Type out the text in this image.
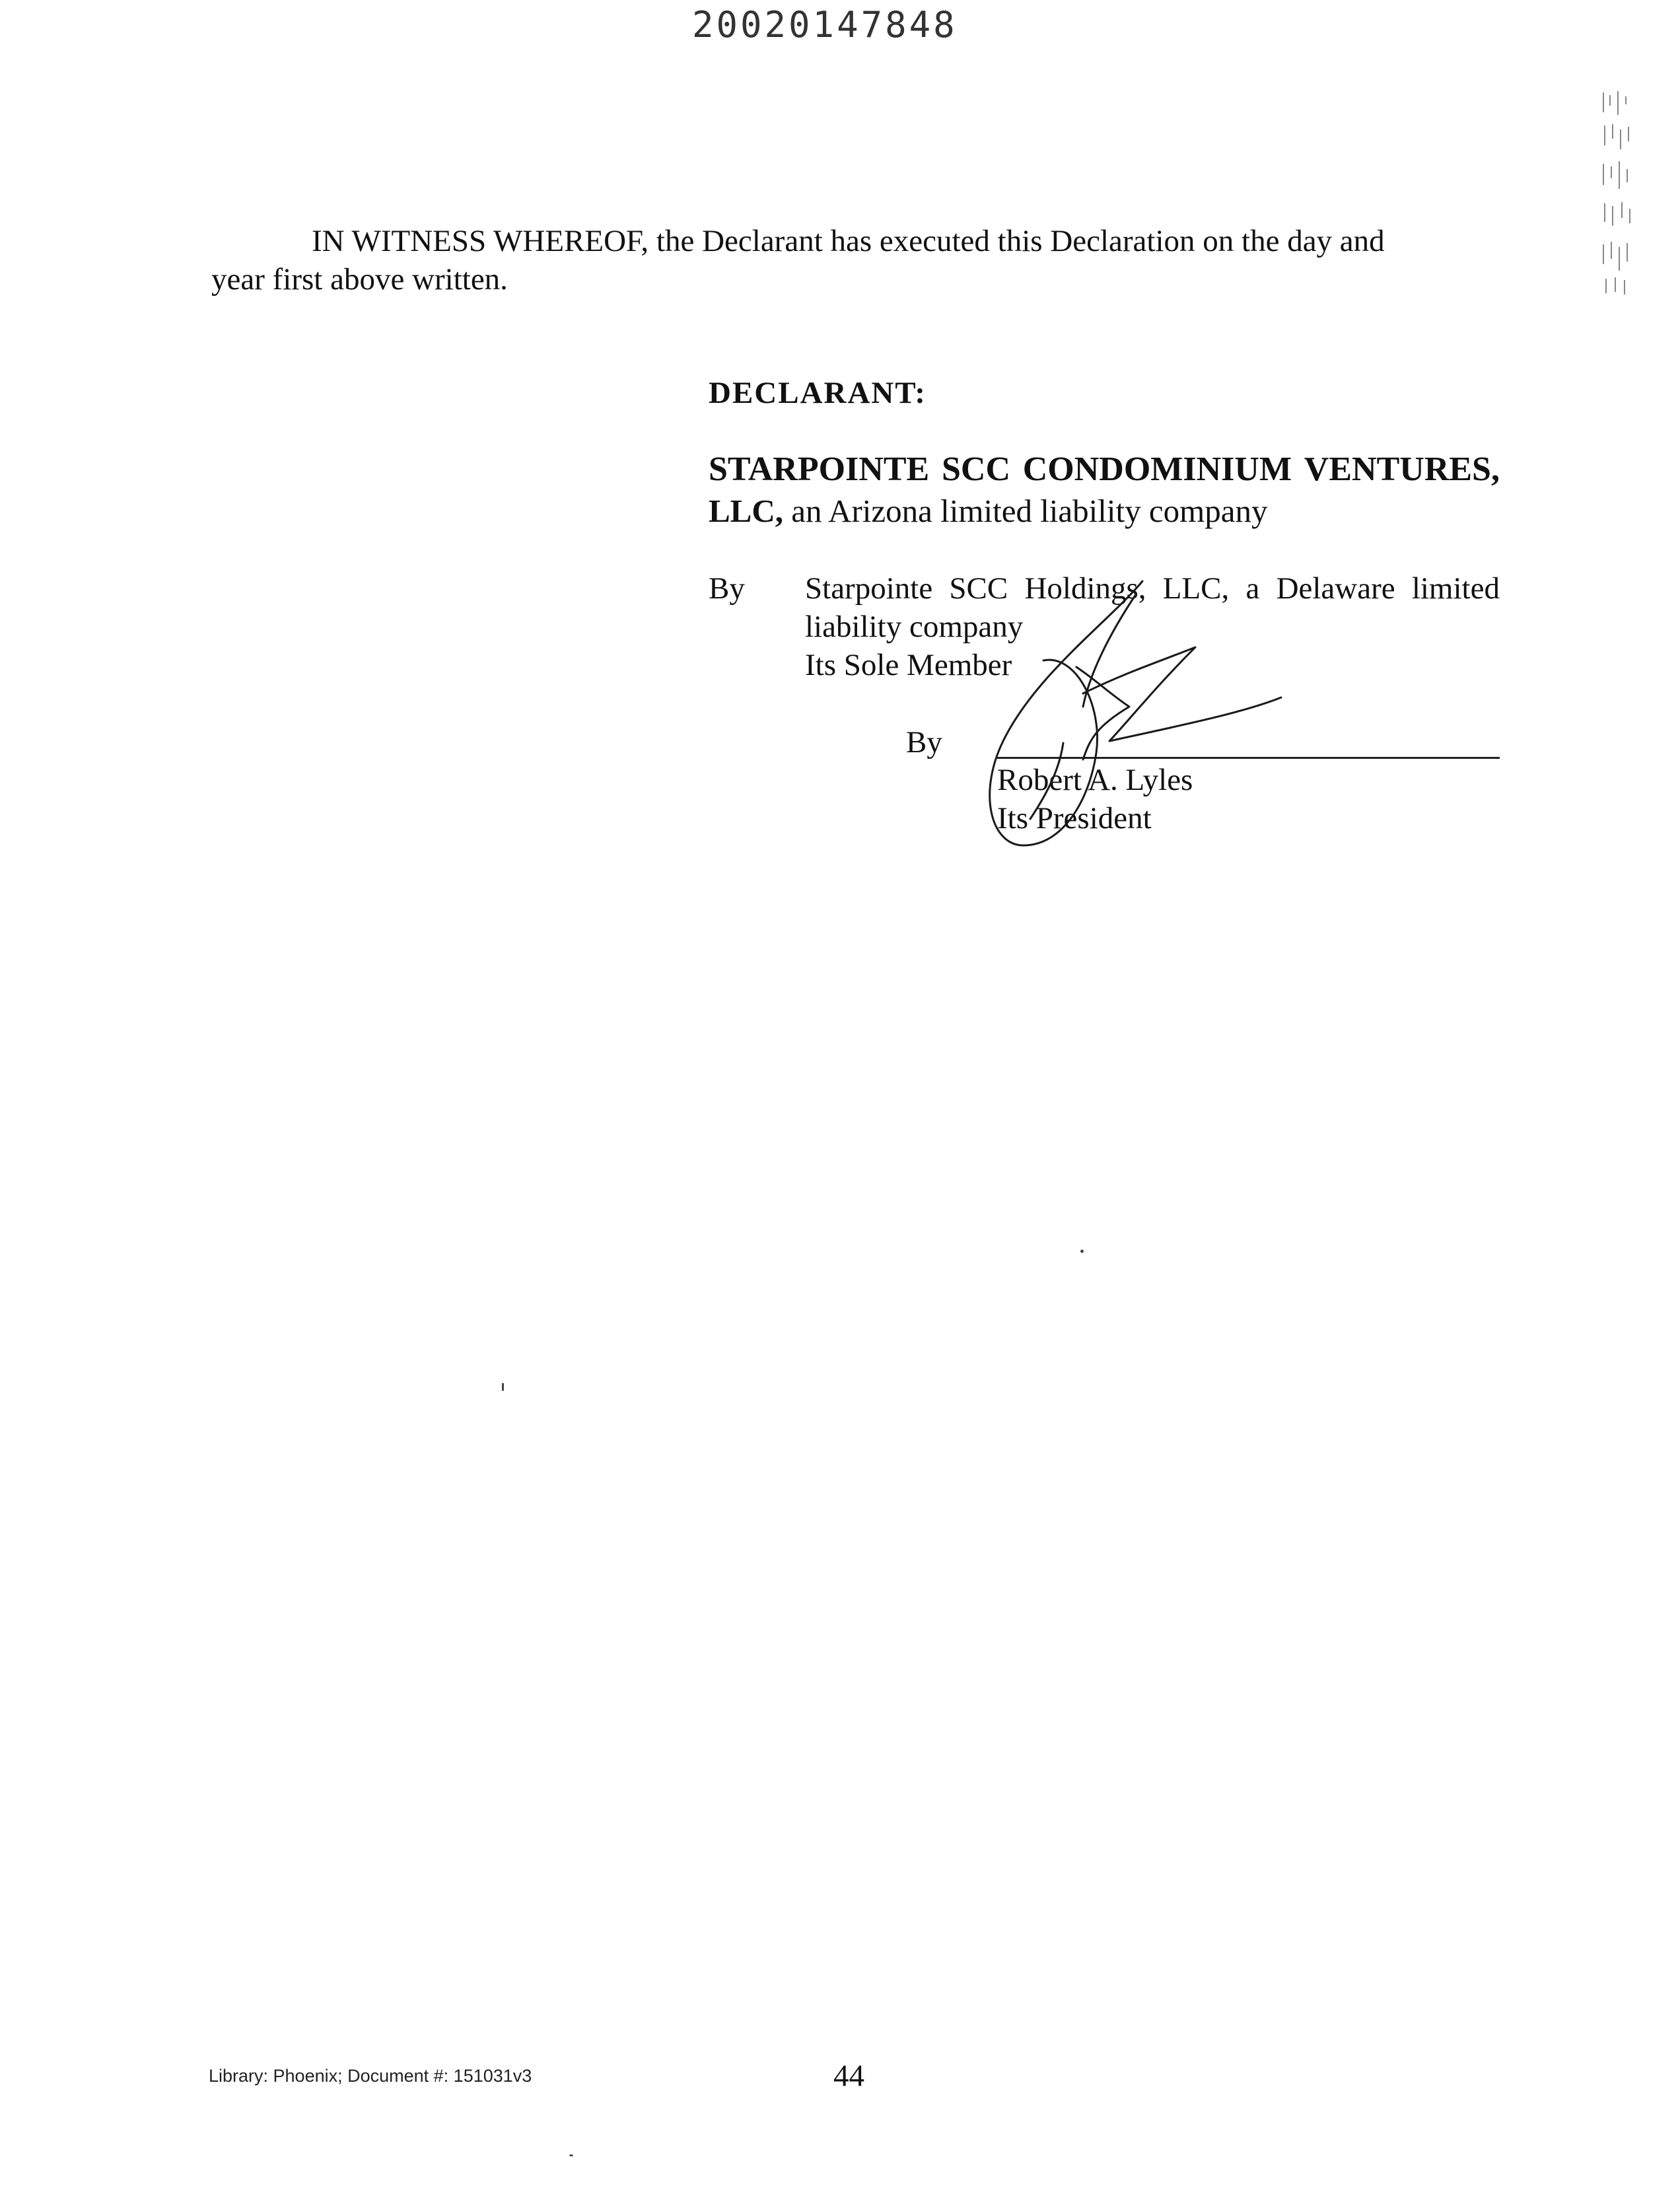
20020147848
IN WITNESS WHEREOF, the Declarant has executed this Declaration on the day and
year first above written.
DECLARANT:
STARPOINTE SCC CONDOMINIUM VENTURES,
LLC, an Arizona limited liability company
By Starpointe SCC Holdings, LLC, a Delaware limited
liability company
Its Sole Member
By
Robert A. Lyles
Its President
Library: Phoenix; Document #: 151031v3	44
